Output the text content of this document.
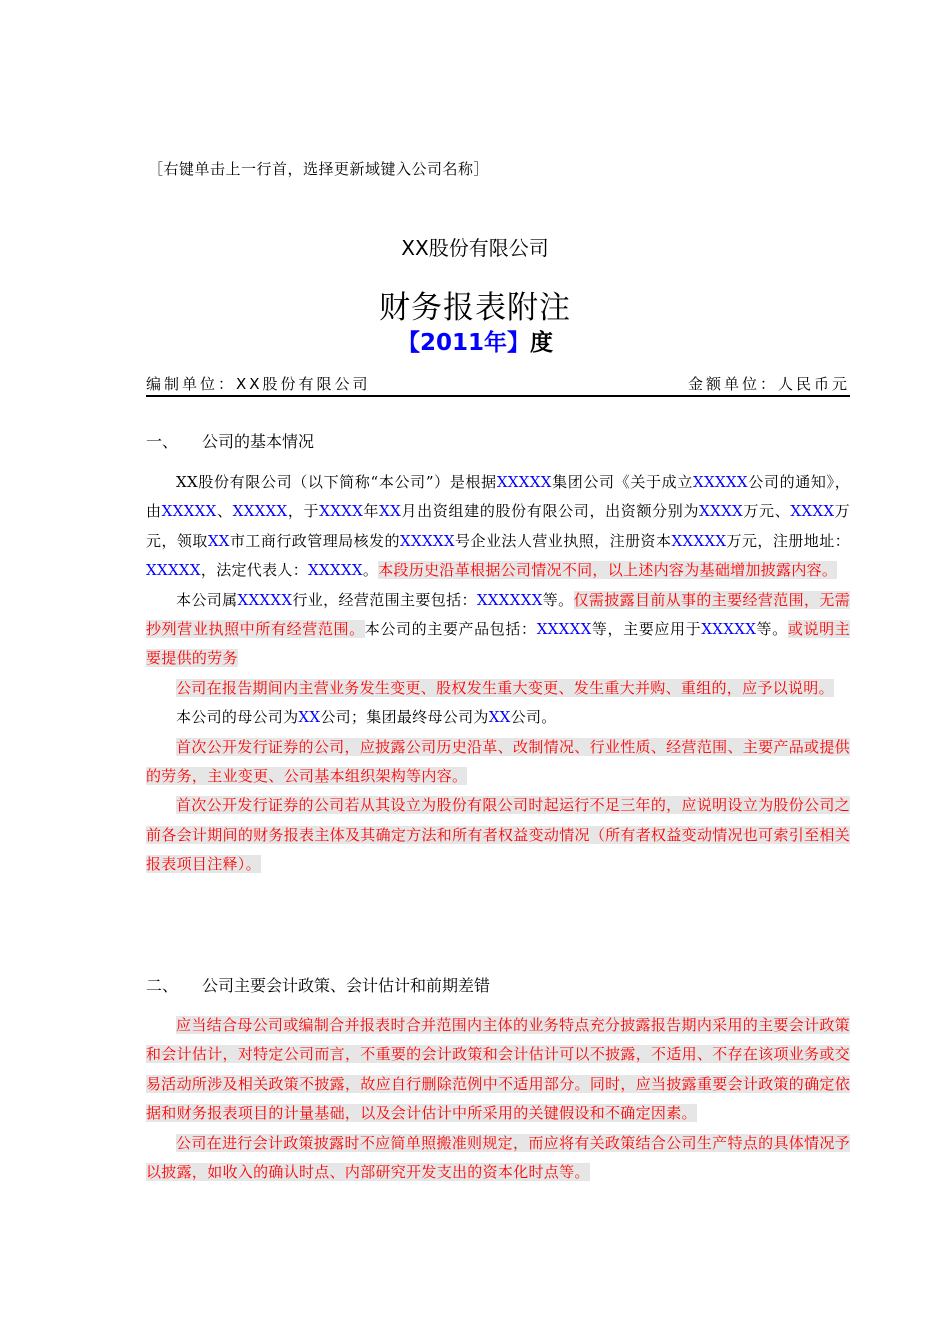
［右键单击上一行首，选择更新域键入公司名称］
XX股份有限公司
财务报表附注
【2011年】度
编制单位：XX股份有限公司	金额单位：人民币元
一、 公司的基本情况

XX股份有限公司（以下简称“本公司”）是根据XXXXX集团公司《关于成立XXXXX公司的通知》，由XXXXX、XXXXX，于XXXX年XX月出资组建的股份有限公司，出资额分别为XXXX万元、XXXX万元，领取XX市工商行政管理局核发的XXXXX号企业法人营业执照，注册资本XXXXX万元，注册地址：XXXXX，法定代表人：XXXXX。本段历史沿革根据公司情况不同，以上述内容为基础增加披露内容。

本公司属XXXXX行业，经营范围主要包括：XXXXXX等。仅需披露目前从事的主要经营范围，无需抄列营业执照中所有经营范围。本公司的主要产品包括：XXXXX等，主要应用于XXXXX等。或说明主要提供的劳务

公司在报告期间内主营业务发生变更、股权发生重大变更、发生重大并购、重组的，应予以说明。

本公司的母公司为XX公司；集团最终母公司为XX公司。

首次公开发行证券的公司，应披露公司历史沿革、改制情况、行业性质、经营范围、主要产品或提供的劳务，主业变更、公司基本组织架构等内容。

首次公开发行证券的公司若从其设立为股份有限公司时起运行不足三年的，应说明设立为股份公司之前各会计期间的财务报表主体及其确定方法和所有者权益变动情况（所有者权益变动情况也可索引至相关报表项目注释）。

二、 公司主要会计政策、会计估计和前期差错

应当结合母公司或编制合并报表时合并范围内主体的业务特点充分披露报告期内采用的主要会计政策和会计估计，对特定公司而言，不重要的会计政策和会计估计可以不披露，不适用、不存在该项业务或交易活动所涉及相关政策不披露，故应自行删除范例中不适用部分。同时，应当披露重要会计政策的确定依据和财务报表项目的计量基础，以及会计估计中所采用的关键假设和不确定因素。

公司在进行会计政策披露时不应简单照搬准则规定，而应将有关政策结合公司生产特点的具体情况予以披露，如收入的确认时点、内部研究开发支出的资本化时点等。
